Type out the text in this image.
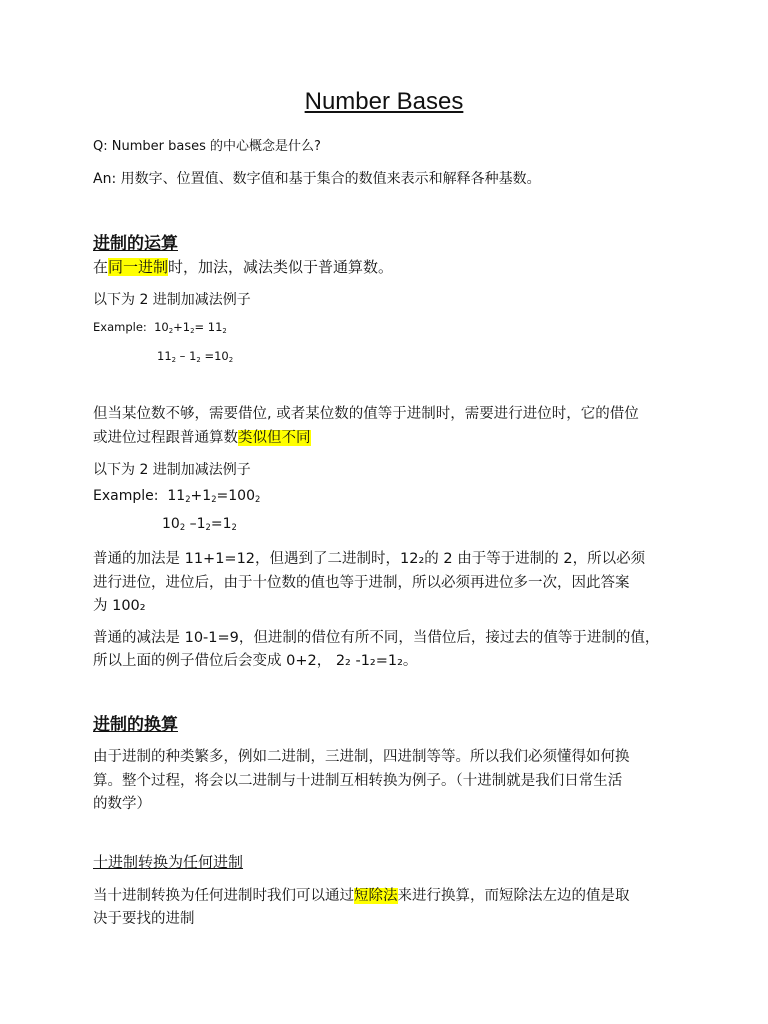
Number Bases
Q: Number bases 的中心概念是什么?
An: 用数字、位置值、数字值和基于集合的数值来表示和解释各种基数。
进制的运算
在同一进制时，加法，减法类似于普通算数。
以下为 2 进制加减法例子
Example: $10_2+1_2= 11_2$
$11_2 - 1_2 =10_2$
但当某位数不够，需要借位, 或者某位数的值等于进制时，需要进行进位时，它的借位
或进位过程跟普通算数类似但不同
以下为 2 进制加减法例子
Example: $11_2+1_2=100_2$
$10_2$ $-1_2=1_2$
普通的加法是 11+1=12，但遇到了二进制时，12₂的 2 由于等于进制的 2，所以必须
进行进位，进位后，由于十位数的值也等于进制，所以必须再进位多一次，因此答案
为 100₂
普通的减法是 10-1=9，但进制的借位有所不同，当借位后，接过去的值等于进制的值，
所以上面的例子借位后会变成 0+2， 2₂ -1₂=1₂。
进制的换算
由于进制的种类繁多，例如二进制，三进制，四进制等等。所以我们必须懂得如何换
算。整个过程，将会以二进制与十进制互相转换为例子。（十进制就是我们日常生活
的数学）
十进制转换为任何进制
当十进制转换为任何进制时我们可以通过短除法来进行换算，而短除法左边的值是取
决于要找的进制
